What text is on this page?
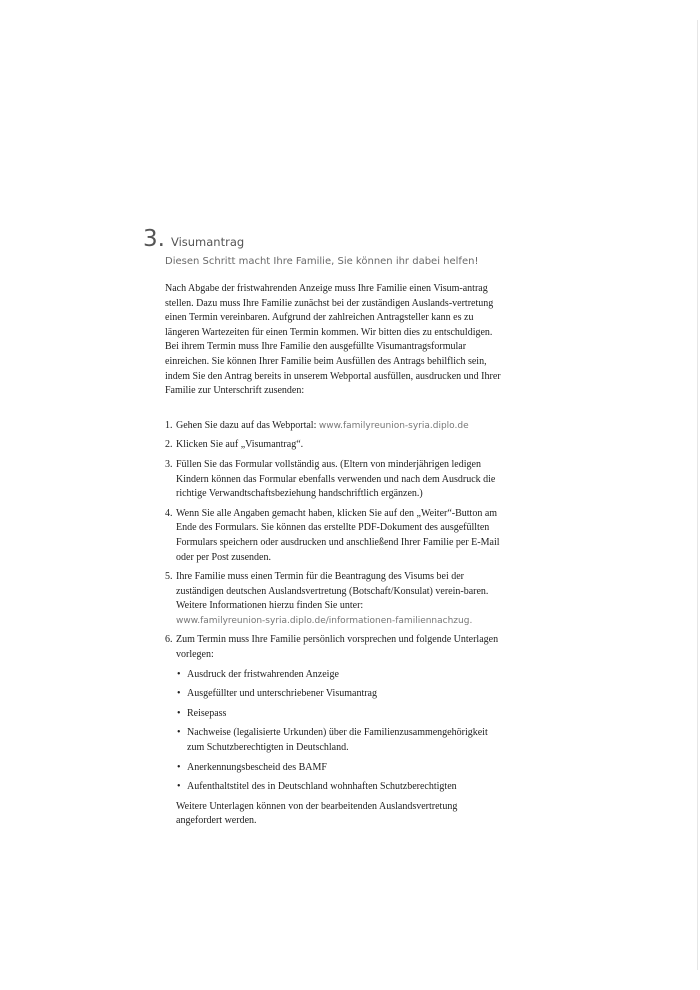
3 . Visumantrag
Diesen Schritt macht Ihre Familie, Sie können ihr dabei helfen!

Nach Abgabe der fristwahrenden Anzeige muss Ihre Familie einen Visum-antrag stellen. Dazu muss Ihre Familie zunächst bei der zuständigen Auslands-vertretung einen Termin vereinbaren. Aufgrund der zahlreichen Antragsteller kann es zu längeren Wartezeiten für einen Termin kommen. Wir bitten dies zu entschuldigen.

Bei ihrem Termin muss Ihre Familie den ausgefüllte Visumantragsformular einreichen. Sie können Ihrer Familie beim Ausfüllen des Antrags behilflich sein, indem Sie den Antrag bereits in unserem Webportal ausfüllen, ausdrucken und Ihrer Familie zur Unterschrift zusenden:

1. Gehen Sie dazu auf das Webportal: www.familyreunion-syria.diplo.de
2. Klicken Sie auf „Visumantrag“.
3. Füllen Sie das Formular vollständig aus. (Eltern von minderjährigen ledigen Kindern können das Formular ebenfalls verwenden und nach dem Ausdruck die richtige Verwandtschaftsbeziehung handschriftlich ergänzen.)
4. Wenn Sie alle Angaben gemacht haben, klicken Sie auf den „Weiter“-Button am Ende des Formulars. Sie können das erstellte PDF-Dokument des ausgefüllten Formulars speichern oder ausdrucken und anschließend Ihrer Familie per E-Mail oder per Post zusenden.
5. Ihre Familie muss einen Termin für die Beantragung des Visums bei der zuständigen deutschen Auslandsvertretung (Botschaft/Konsulat) verein-baren. Weitere Informationen hierzu finden Sie unter:
www.familyreunion-syria.diplo.de/informationen-familiennachzug.
6. Zum Termin muss Ihre Familie persönlich vorsprechen und folgende Unterlagen vorlegen:
• Ausdruck der fristwahrenden Anzeige
• Ausgefüllter und unterschriebener Visumantrag
• Reisepass
• Nachweise (legalisierte Urkunden) über die Familienzusammengehörigkeit zum Schutzberechtigten in Deutschland.
• Anerkennungsbescheid des BAMF
• Aufenthaltstitel des in Deutschland wohnhaften Schutzberechtigten
Weitere Unterlagen können von der bearbeitenden Auslandsvertretung angefordert werden.
